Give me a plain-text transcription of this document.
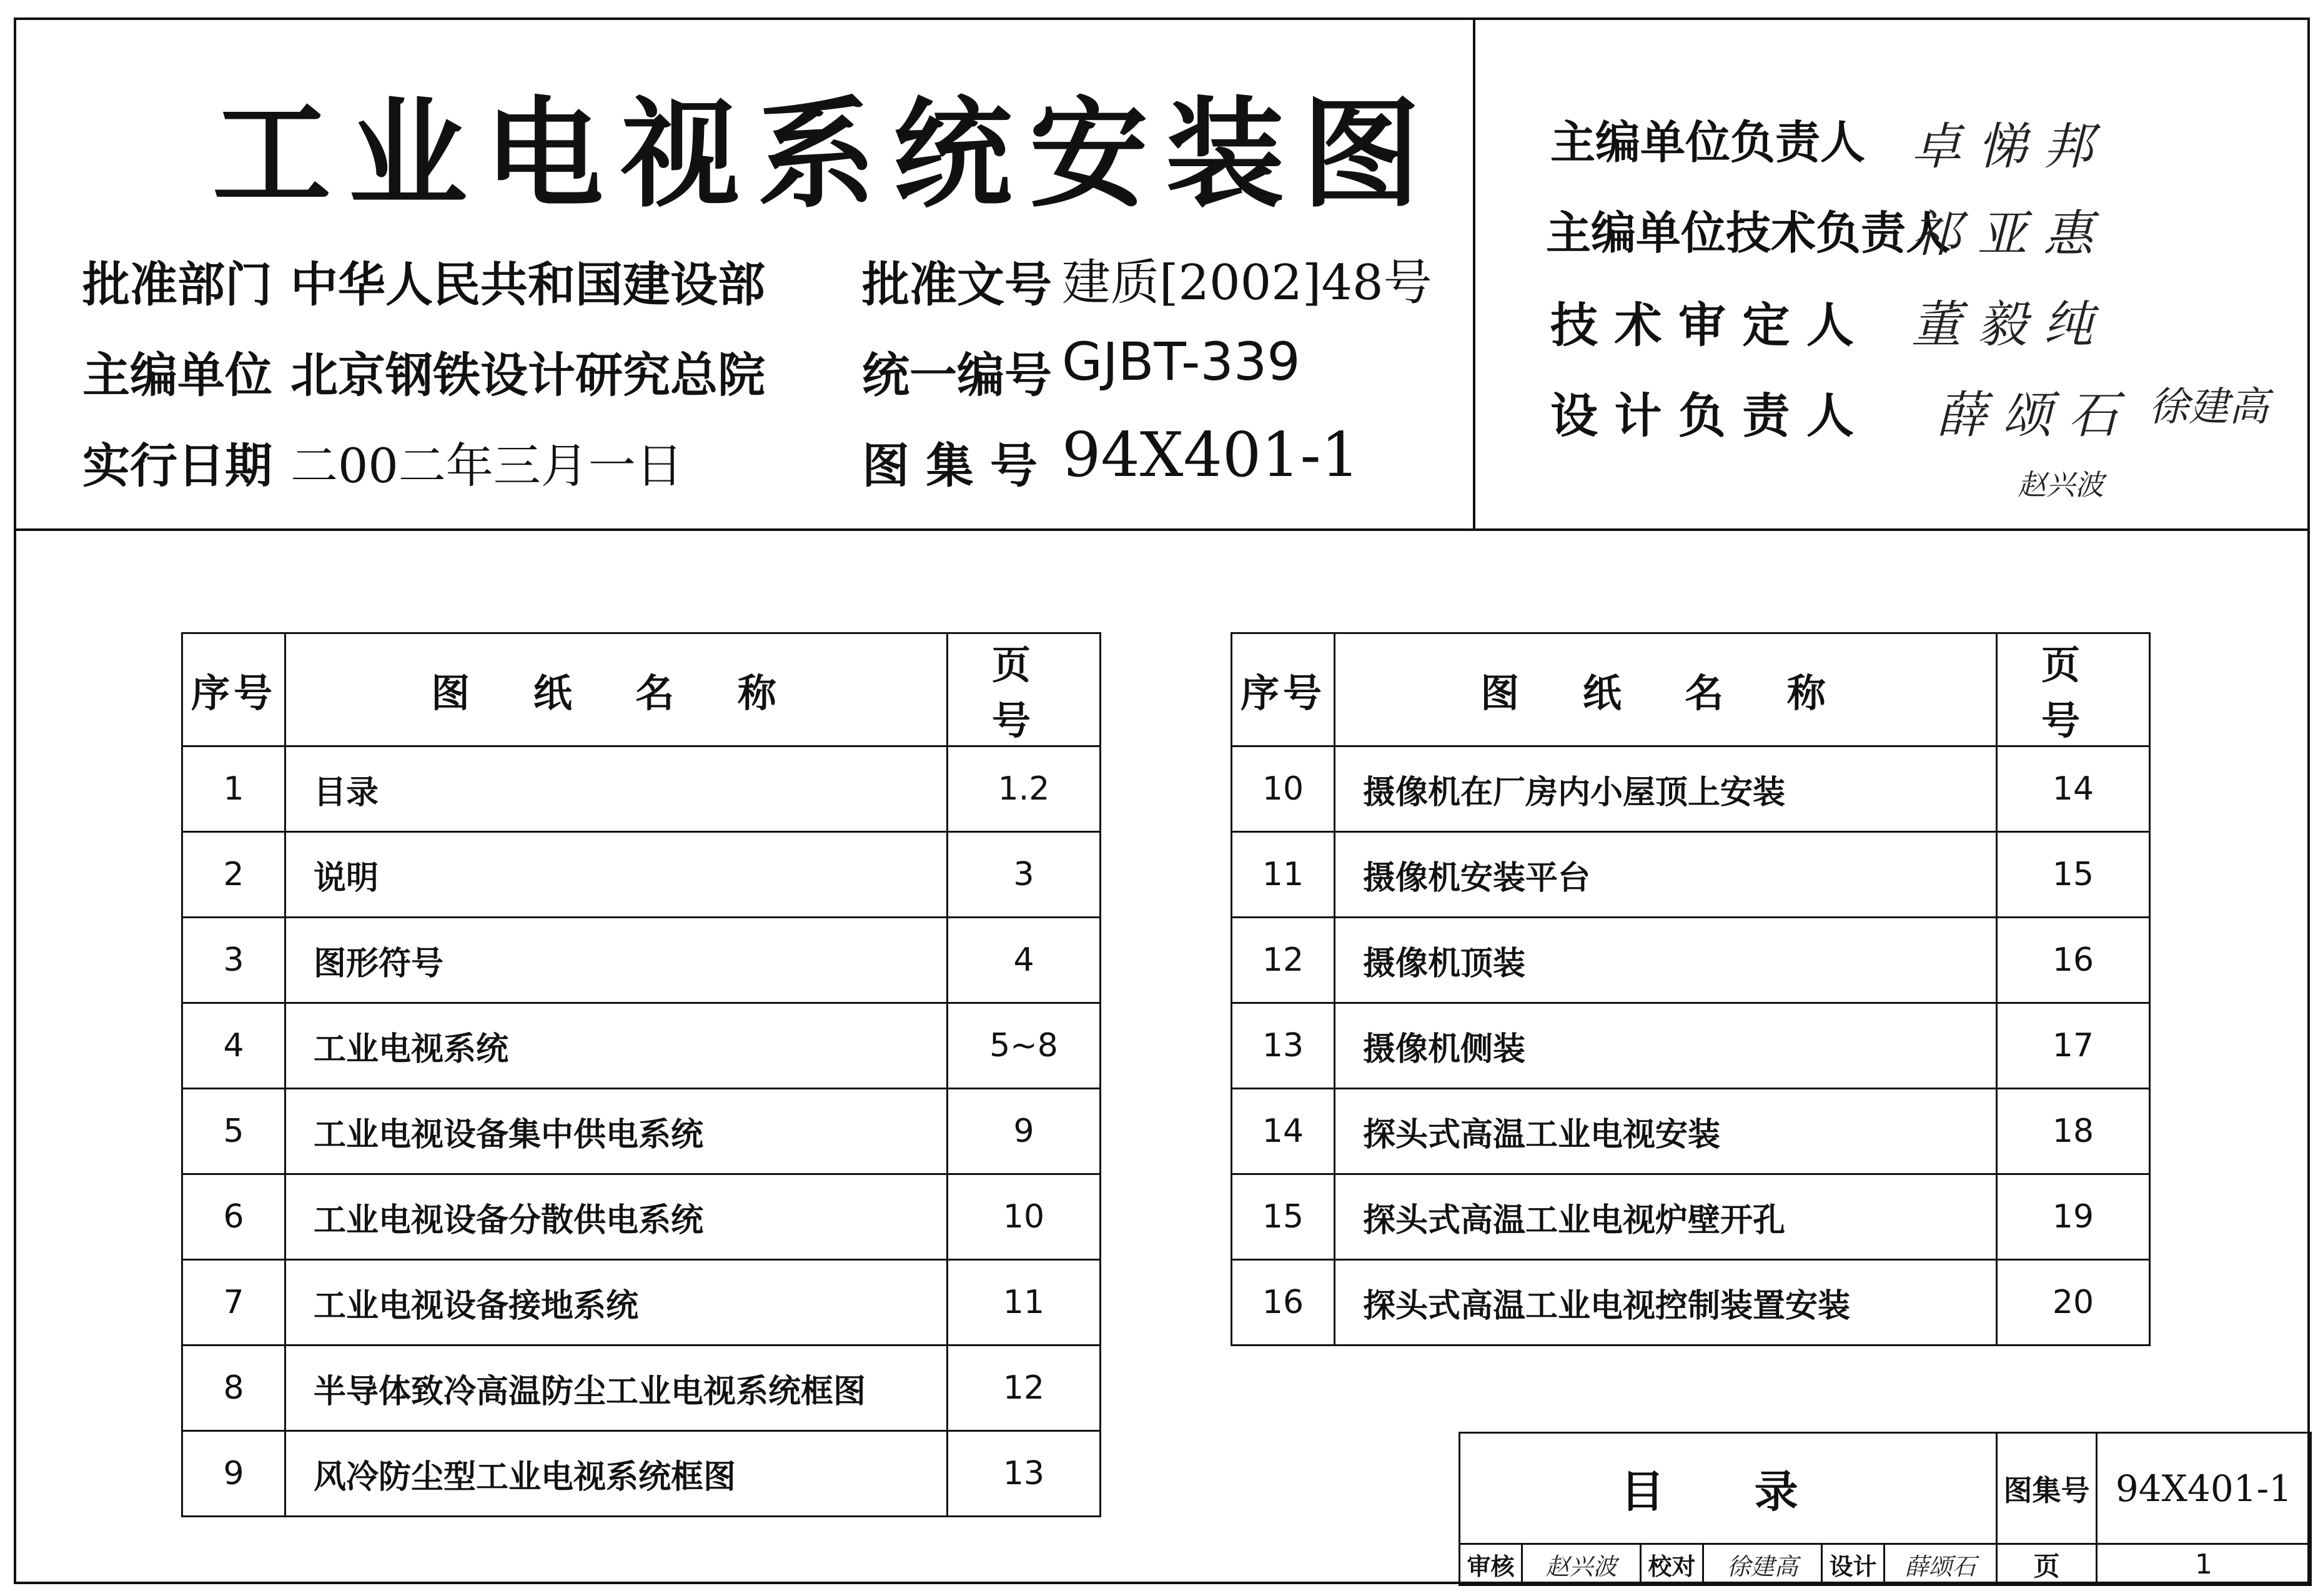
工业电视系统安装图
批准部门 中华人民共和国建设部 批准文号 建质[2002]48号
主编单位 北京钢铁设计研究总院 统一编号 GJBT-339
实行日期 二00二年三月一日	图 集 号 94X401-1
主编单位负责人 卓 悌 邦
主编单位技术负责人
祁 亚 惠
技 术 审 定 人 董 毅 纯
设 计 负 责 人 薛 颂 石 徐建高
赵兴波
序号	图 纸 名 称	页 号
1	目录	1.2
2	说明	3
3	图形符号	4
4	工业电视系统	5~8
5	工业电视设备集中供电系统	9
6	工业电视设备分散供电系统	10
7	工业电视设备接地系统	11
8	半导体致冷高温防尘工业电视系统框图	12
9	风冷防尘型工业电视系统框图	13
序号	图 纸 名 称	页 号
10	摄像机在厂房内小屋顶上安装	14
11	摄像机安装平台	15
12	摄像机顶装	16
13	摄像机侧装	17
14	探头式高温工业电视安装	18
15	探头式高温工业电视炉壁开孔	19
16	探头式高温工业电视控制装置安装	20
目 录						图集号	94X401-1
审核	赵兴波	校对	徐建高	设计	薛颂石	页	1
